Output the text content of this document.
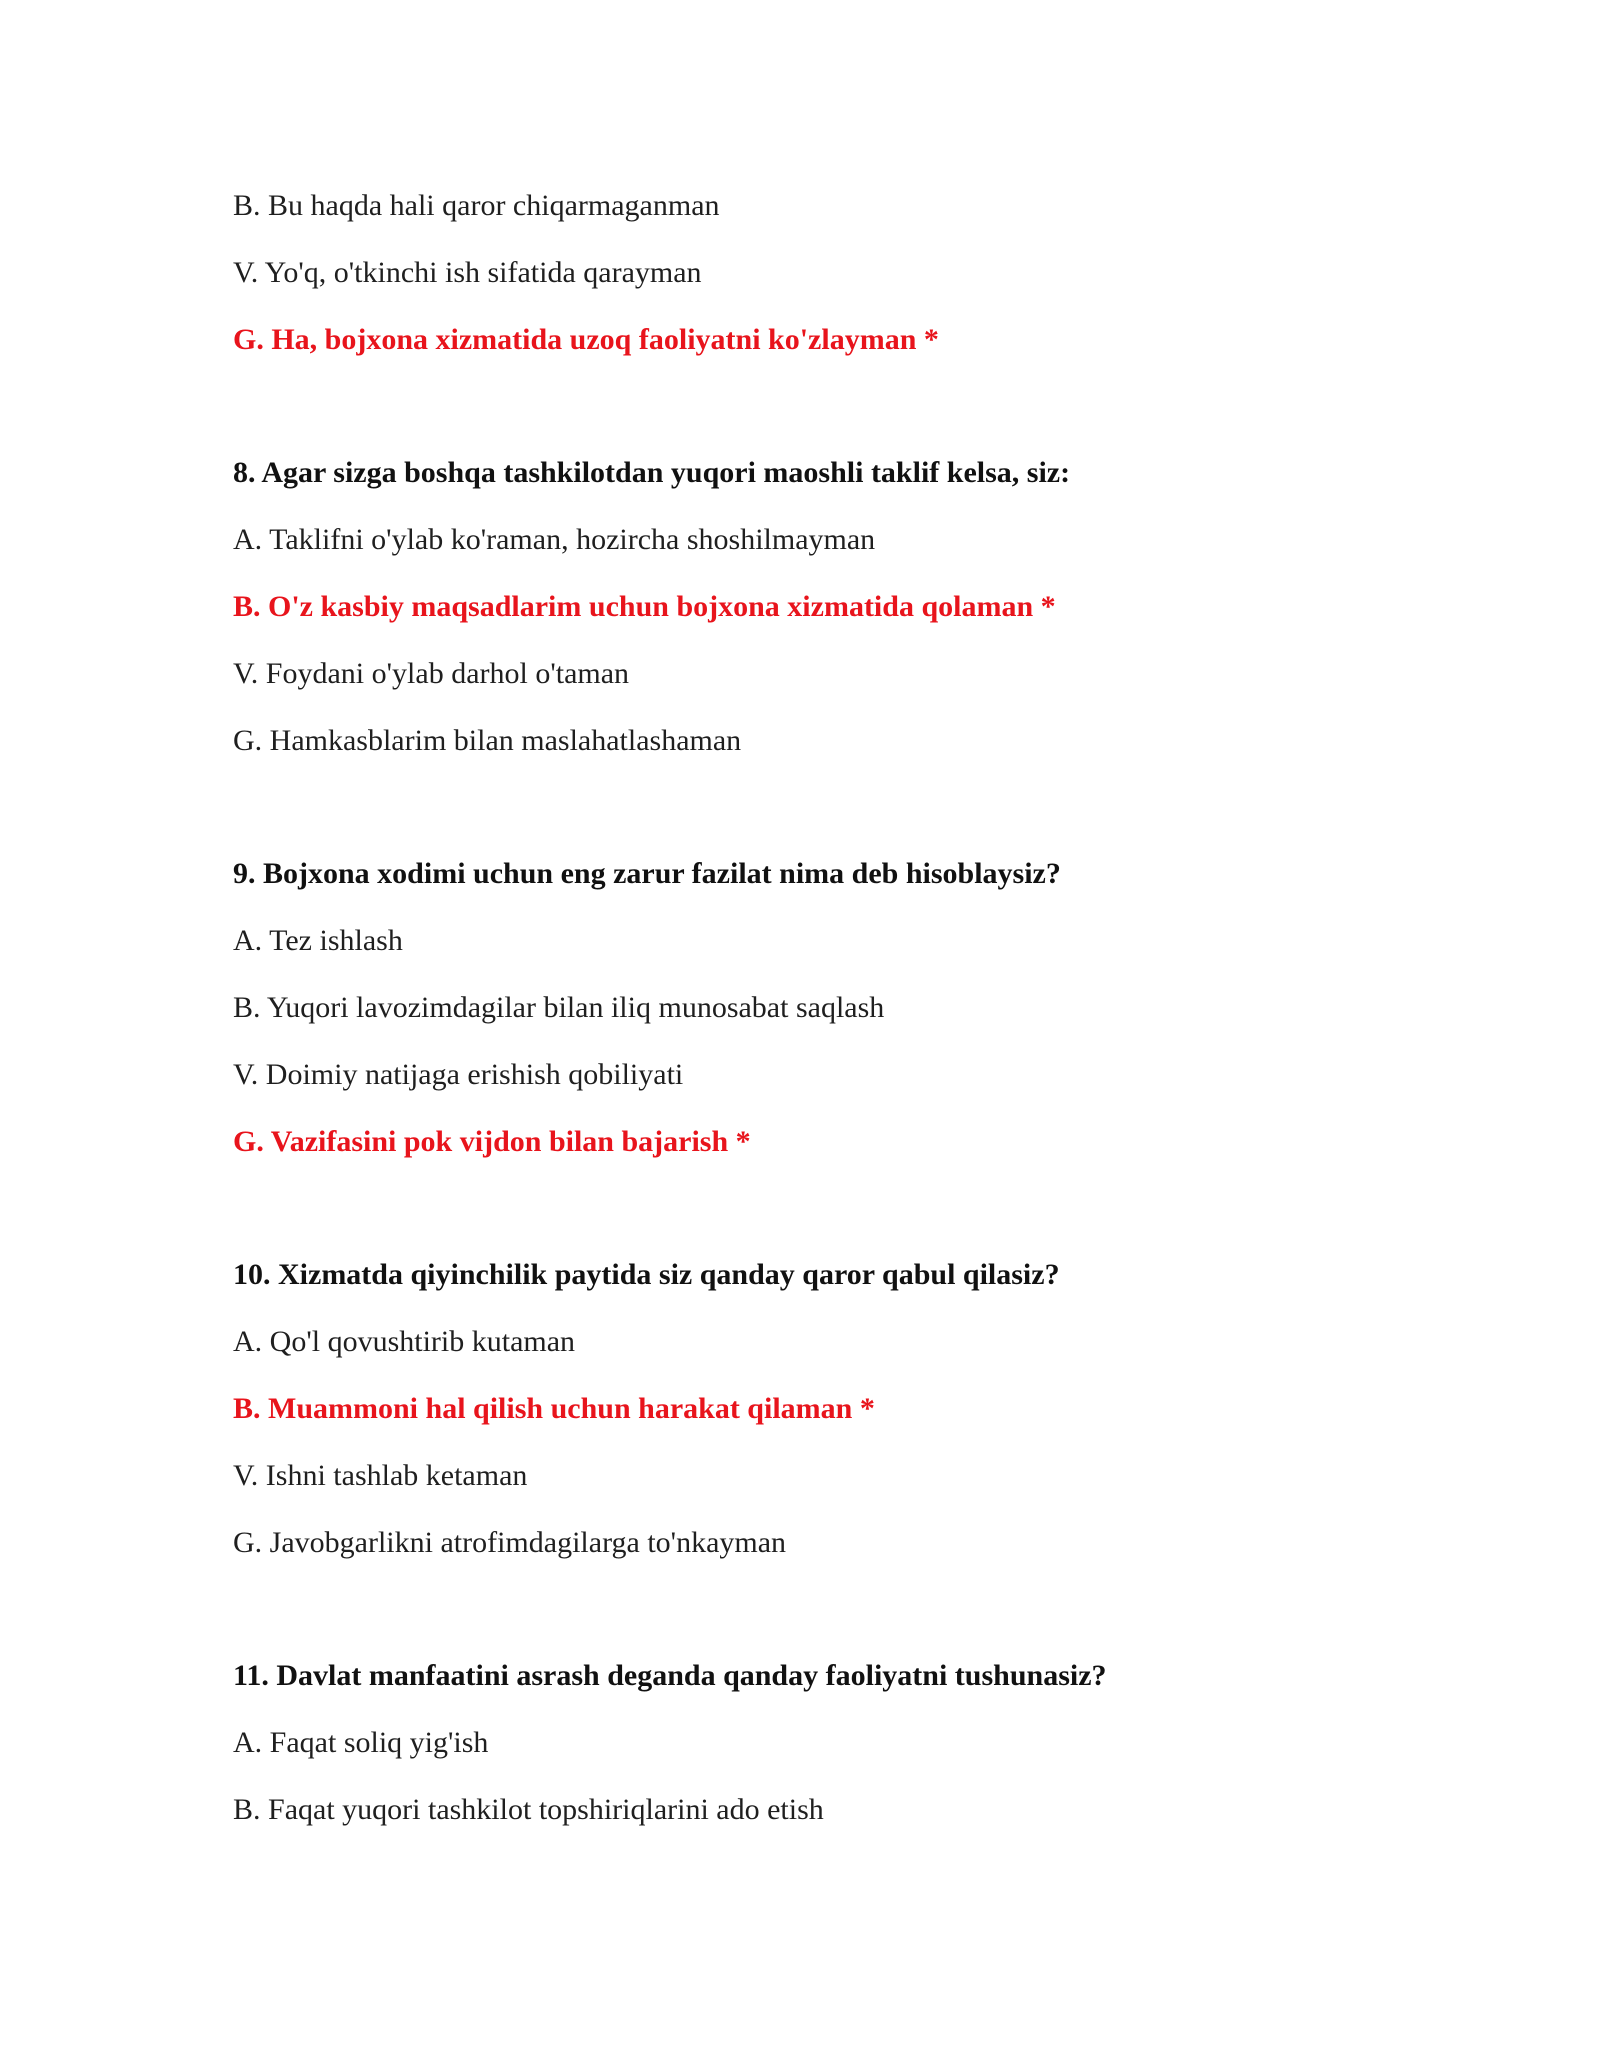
B. Bu haqda hali qaror chiqarmaganman
V. Yo'q, o'tkinchi ish sifatida qarayman
G. Ha, bojxona xizmatida uzoq faoliyatni ko'zlayman *
8. Agar sizga boshqa tashkilotdan yuqori maoshli taklif kelsa, siz:
A. Taklifni o'ylab ko'raman, hozircha shoshilmayman
B. O'z kasbiy maqsadlarim uchun bojxona xizmatida qolaman *
V. Foydani o'ylab darhol o'taman
G. Hamkasblarim bilan maslahatlashaman
9. Bojxona xodimi uchun eng zarur fazilat nima deb hisoblaysiz?
A. Tez ishlash
B. Yuqori lavozimdagilar bilan iliq munosabat saqlash
V. Doimiy natijaga erishish qobiliyati
G. Vazifasini pok vijdon bilan bajarish *
10. Xizmatda qiyinchilik paytida siz qanday qaror qabul qilasiz?
A. Qo'l qovushtirib kutaman
B. Muammoni hal qilish uchun harakat qilaman *
V. Ishni tashlab ketaman
G. Javobgarlikni atrofimdagilarga to'nkayman
11. Davlat manfaatini asrash deganda qanday faoliyatni tushunasiz?
A. Faqat soliq yig'ish
B. Faqat yuqori tashkilot topshiriqlarini ado etish
